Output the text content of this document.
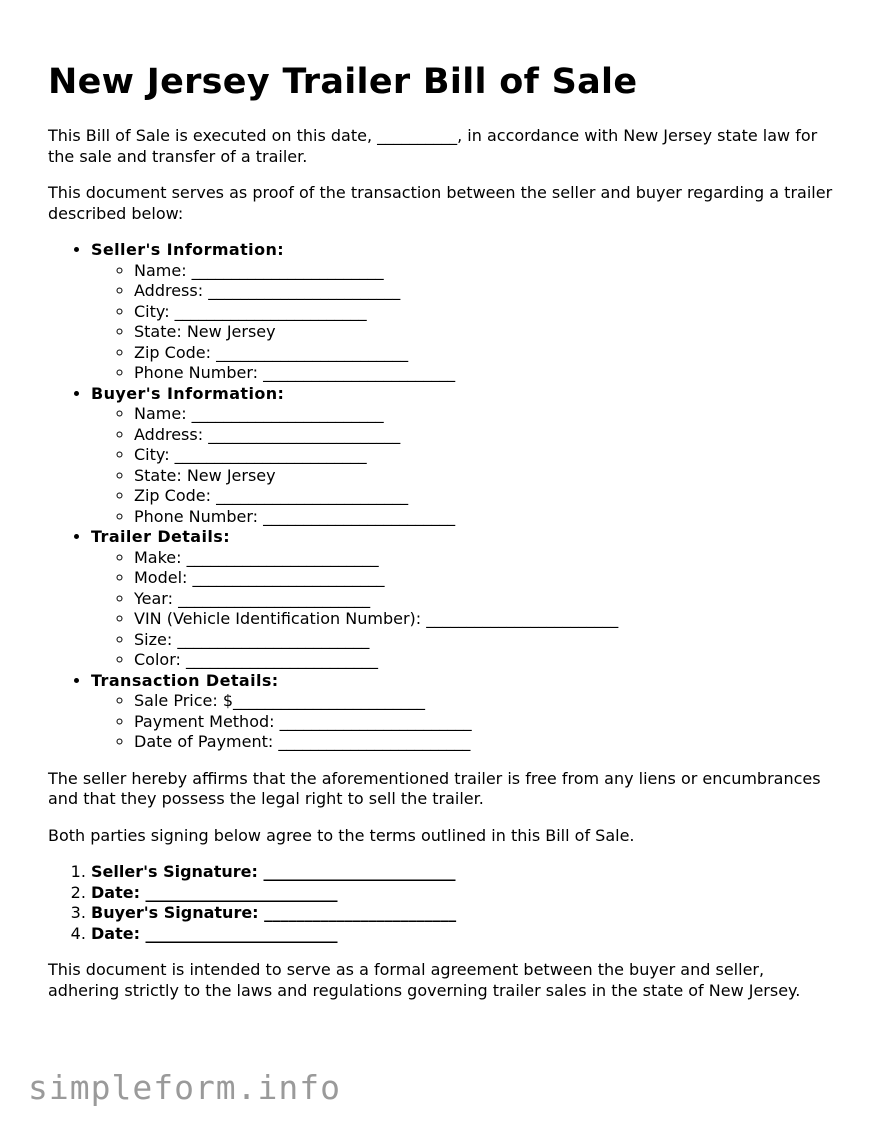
New Jersey Trailer Bill of Sale

This Bill of Sale is executed on this date, __________, in accordance with New Jersey state law for the sale and transfer of a trailer.

This document serves as proof of the transaction between the seller and buyer regarding a trailer described below:

• Seller's Information:
◦ Name: ________________________
◦ Address: ________________________
◦ City: ________________________
◦ State: New Jersey
◦ Zip Code: ________________________
◦ Phone Number: ________________________
• Buyer's Information:
◦ Name: ________________________
◦ Address: ________________________
◦ City: ________________________
◦ State: New Jersey
◦ Zip Code: ________________________
◦ Phone Number: ________________________
• Trailer Details:
◦ Make: ________________________
◦ Model: ________________________
◦ Year: ________________________
◦ VIN (Vehicle Identification Number): ________________________
◦ Size: ________________________
◦ Color: ________________________
• Transaction Details:
◦ Sale Price: $________________________
◦ Payment Method: ________________________
◦ Date of Payment: ________________________

The seller hereby affirms that the aforementioned trailer is free from any liens or encumbrances and that they possess the legal right to sell the trailer.

Both parties signing below agree to the terms outlined in this Bill of Sale.

1. Seller's Signature: ________________________
2. Date: ________________________
3. Buyer's Signature: ________________________
4. Date: ________________________

This document is intended to serve as a formal agreement between the buyer and seller, adhering strictly to the laws and regulations governing trailer sales in the state of New Jersey.

simpleform.info
